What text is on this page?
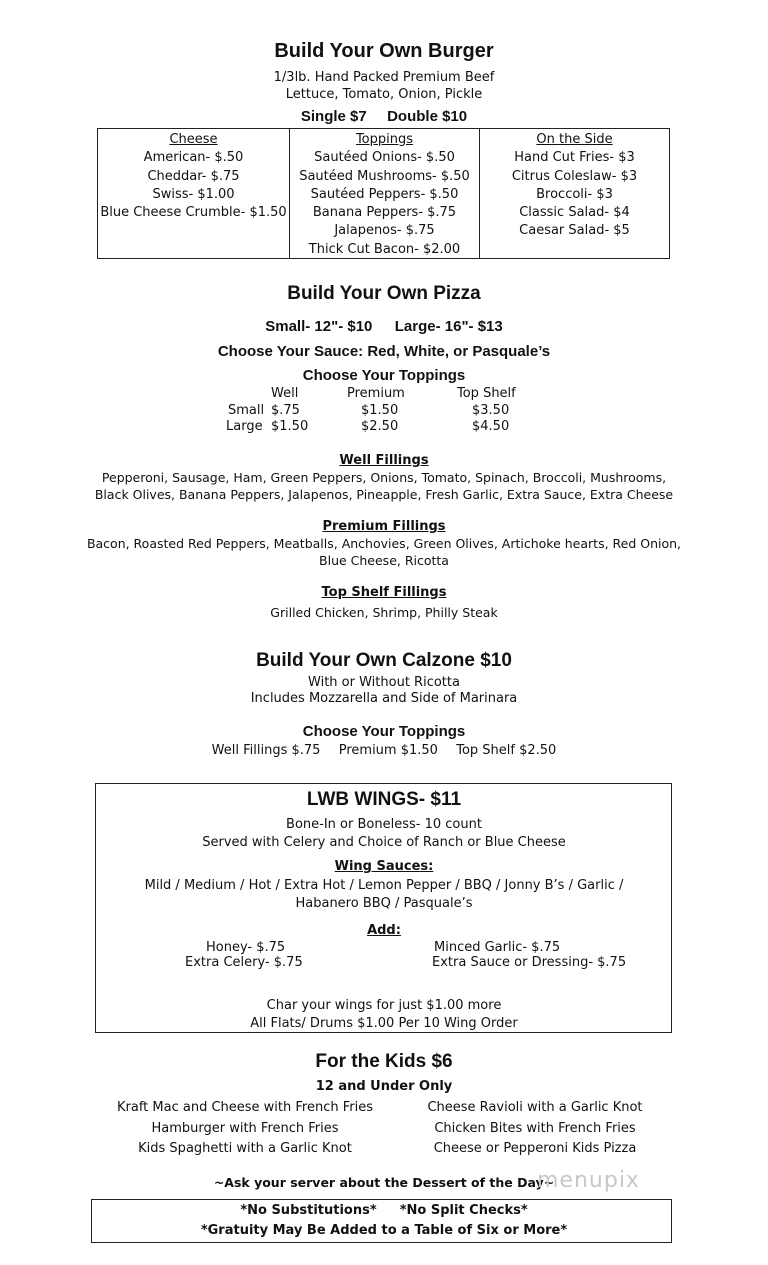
Build Your Own Burger
1/3lb. Hand Packed Premium Beef
Lettuce, Tomato, Onion, Pickle
Single $7 Double $10
Cheese
American- $.50
Cheddar- $.75
Swiss- $1.00
Blue Cheese Crumble- $1.50
Toppings
Sautéed Onions- $.50
Sautéed Mushrooms- $.50
Sautéed Peppers- $.50
Banana Peppers- $.75
Jalapenos- $.75
Thick Cut Bacon- $2.00
On the Side
Hand Cut Fries- $3
Citrus Coleslaw- $3
Broccoli- $3
Classic Salad- $4
Caesar Salad- $5
Build Your Own Pizza
Small- 12"- $10 Large- 16"- $13
Choose Your Sauce: Red, White, or Pasquale’s
Choose Your Toppings
Well	Premium	Top Shelf
Small $.75	$1.50	$3.50
Large $1.50	$2.50	$4.50
Well Fillings
Pepperoni, Sausage, Ham, Green Peppers, Onions, Tomato, Spinach, Broccoli, Mushrooms,
Black Olives, Banana Peppers, Jalapenos, Pineapple, Fresh Garlic, Extra Sauce, Extra Cheese
Premium Fillings
Bacon, Roasted Red Peppers, Meatballs, Anchovies, Green Olives, Artichoke hearts, Red Onion,
Blue Cheese, Ricotta
Top Shelf Fillings
Grilled Chicken, Shrimp, Philly Steak
Build Your Own Calzone $10
With or Without Ricotta
Includes Mozzarella and Side of Marinara
Choose Your Toppings
Well Fillings $.75 Premium $1.50 Top Shelf $2.50
LWB WINGS- $11
Bone-In or Boneless- 10 count
Served with Celery and Choice of Ranch or Blue Cheese
Wing Sauces:
Mild / Medium / Hot / Extra Hot / Lemon Pepper / BBQ / Jonny B’s / Garlic /
Habanero BBQ / Pasquale’s
Add:
Honey- $.75
Extra Celery- $.75
Minced Garlic- $.75
Extra Sauce or Dressing- $.75
Char your wings for just $1.00 more
All Flats/ Drums $1.00 Per 10 Wing Order
For the Kids $6
12 and Under Only
Kraft Mac and Cheese with French Fries
Hamburger with French Fries
Kids Spaghetti with a Garlic Knot
Cheese Ravioli with a Garlic Knot
Chicken Bites with French Fries
Cheese or Pepperoni Kids Pizza
~Ask your server about the Dessert of the Day~
menupix
*No Substitutions* *No Split Checks*
*Gratuity May Be Added to a Table of Six or More*
